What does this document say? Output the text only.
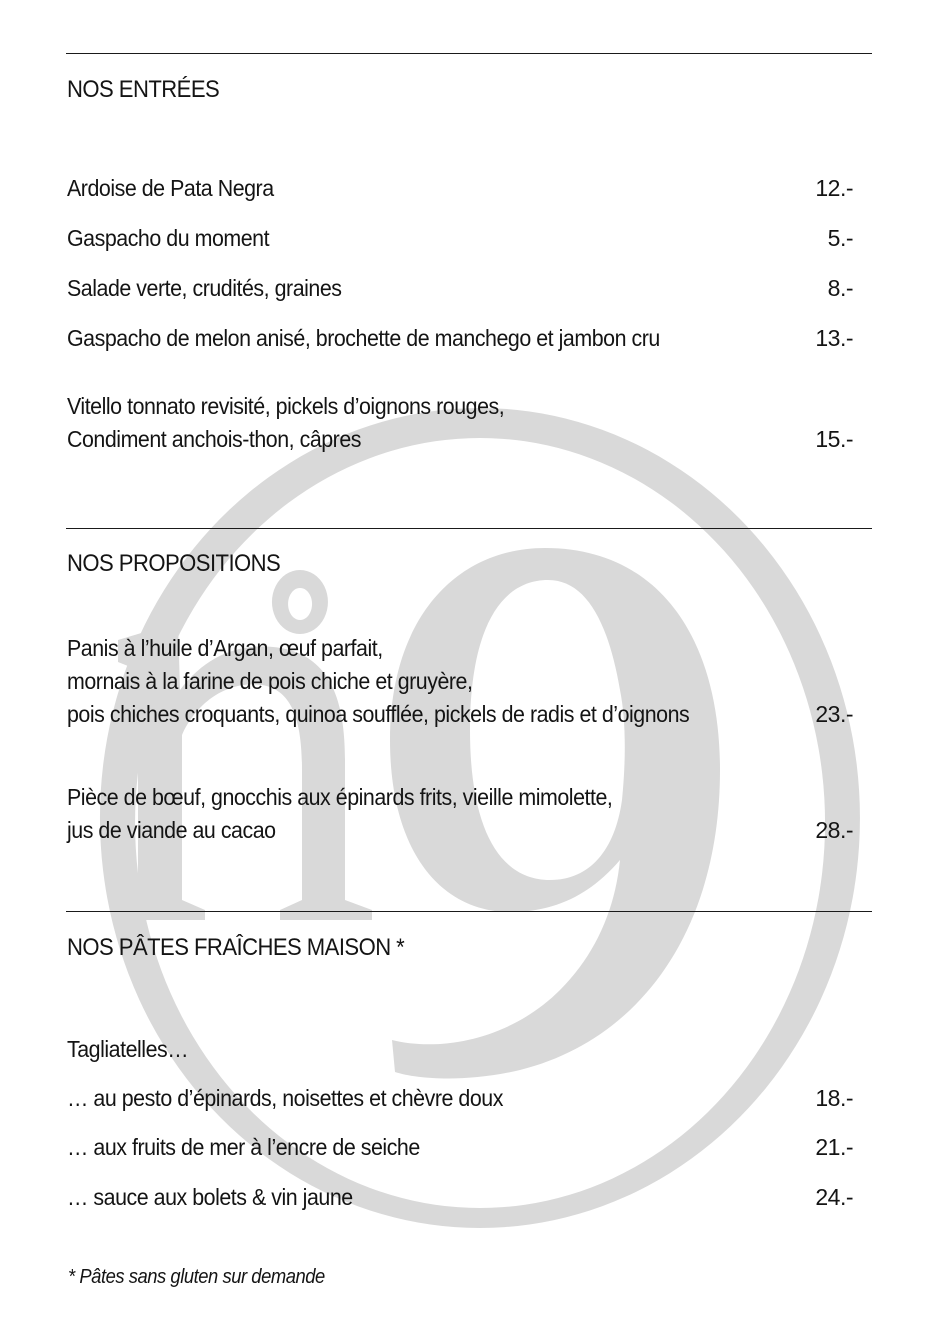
NOS ENTRÉES
Ardoise de Pata Negra	12.-
Gaspacho du moment	5.-
Salade verte, crudités, graines	8.-
Gaspacho de melon anisé, brochette de manchego et jambon cru	13.-
Vitello tonnato revisité, pickels d’oignons rouges,
Condiment anchois-thon, câpres	15.-
NOS PROPOSITIONS
Panis à l’huile d’Argan, œuf parfait,
mornais à la farine de pois chiche et gruyère,
pois chiches croquants, quinoa soufflée, pickels de radis et d’oignons	23.-
Pièce de bœuf, gnocchis aux épinards frits, vieille mimolette,
jus de viande au cacao	28.-
NOS PÂTES FRAÎCHES MAISON *
Tagliatelles…
… au pesto d’épinards, noisettes et chèvre doux	18.-
… aux fruits de mer à l’encre de seiche	21.-
… sauce aux bolets & vin jaune	24.-
* Pâtes sans gluten sur demande
